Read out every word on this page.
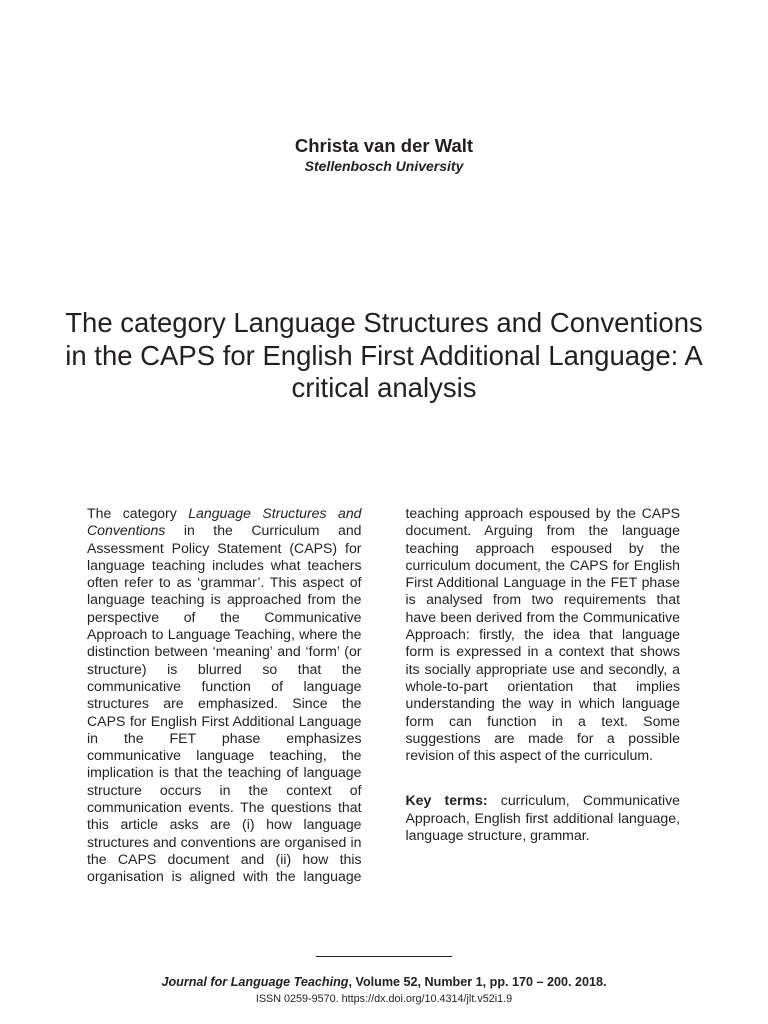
Christa van der Walt

Stellenbosch University

The category Language Structures and Conventions in the CAPS for English First Additional Language: A critical analysis

The category Language Structures and Conventions in the Curriculum and Assessment Policy Statement (CAPS) for language teaching includes what teachers often refer to as ‘grammar’. This aspect of language teaching is approached from the perspective of the Communicative Approach to Language Teaching, where the distinction between ‘meaning’ and ‘form’ (or structure) is blurred so that the communicative function of language structures are emphasized. Since the CAPS for English First Additional Language in the FET phase emphasizes communicative language teaching, the implication is that the teaching of language structure occurs in the context of communication events. The questions that this article asks are (i) how language structures and conventions are organised in the CAPS document and (ii) how this organisation is aligned with the language teaching approach espoused by the CAPS document. Arguing from the language teaching approach espoused by the curriculum document, the CAPS for English First Additional Language in the FET phase is analysed from two requirements that have been derived from the Communicative Approach: firstly, the idea that language form is expressed in a context that shows its socially appropriate use and secondly, a whole-to-part orientation that implies understanding the way in which language form can function in a text. Some suggestions are made for a possible revision of this aspect of the curriculum.

Key terms: curriculum, Communicative Approach, English first additional language, language structure, grammar.

Journal for Language Teaching, Volume 52, Number 1, pp. 170 – 200. 2018.
ISSN 0259-9570. https://dx.doi.org/10.4314/jlt.v52i1.9
